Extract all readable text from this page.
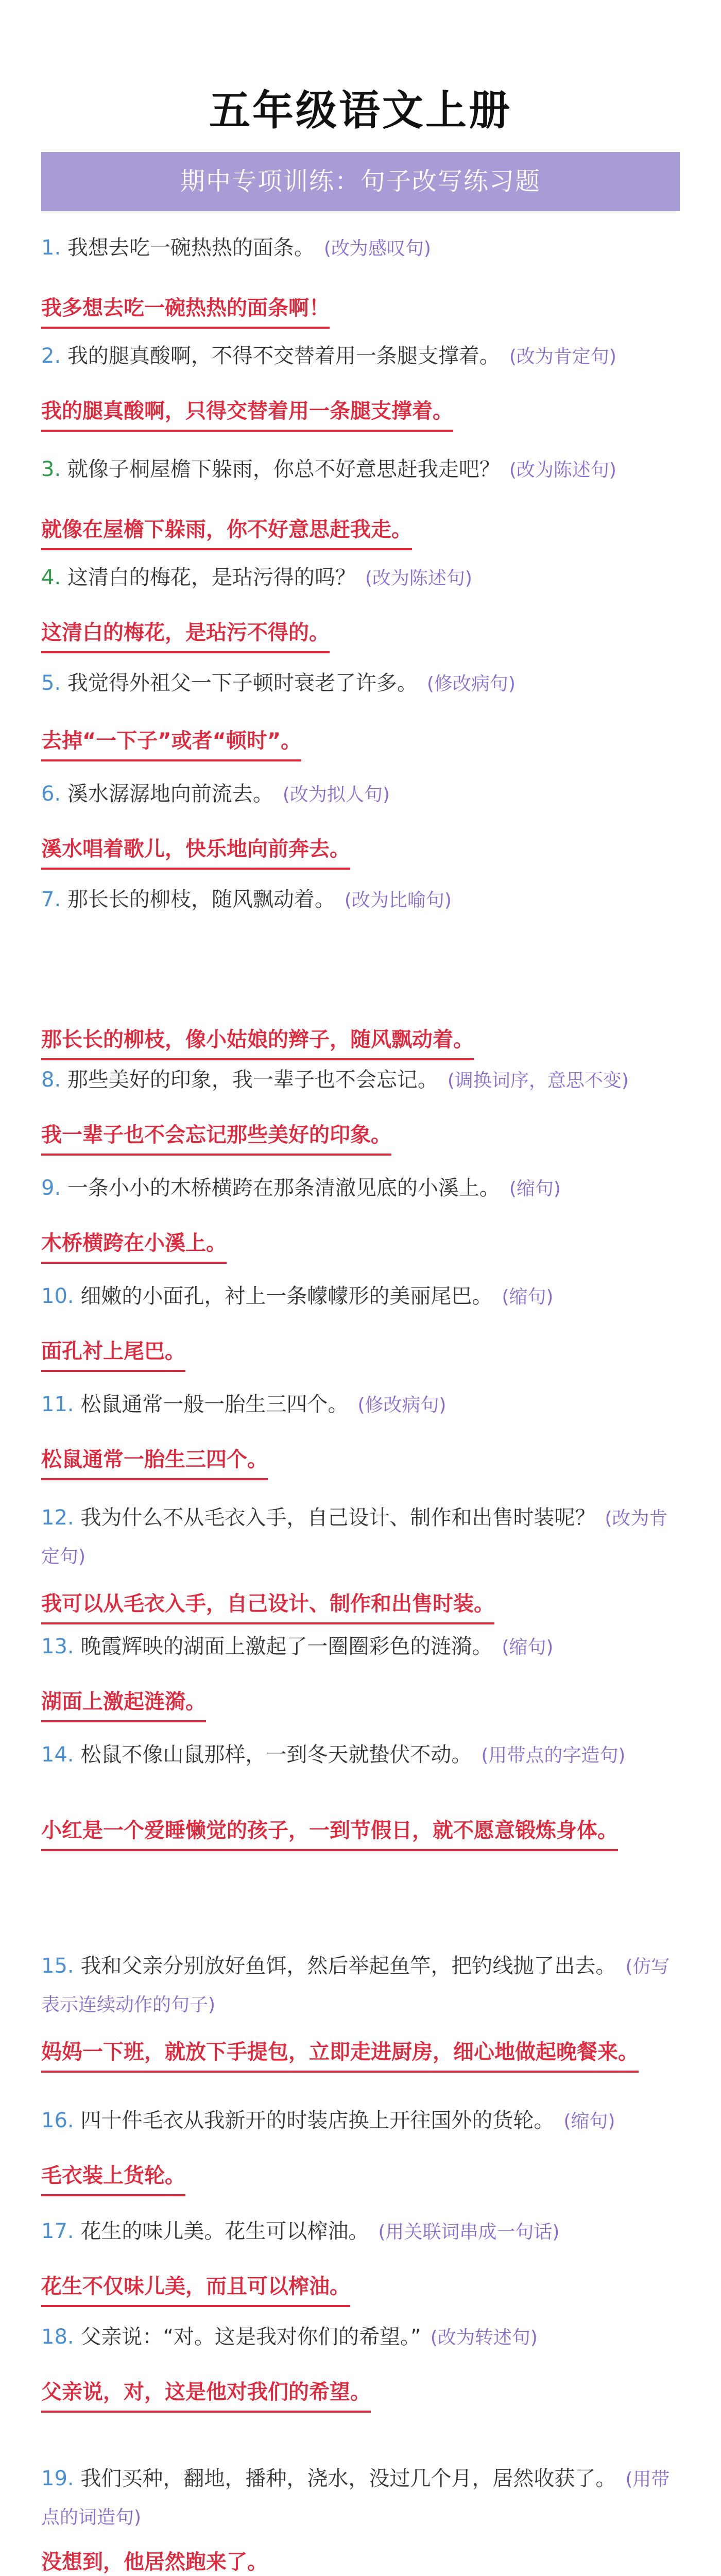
五年级语文上册
期中专项训练：句子改写练习题
1. 我想去吃一碗热热的面条。 (改为感叹句)
我多想去吃一碗热热的面条啊！
2. 我的腿真酸啊，不得不交替着用一条腿支撑着。 (改为肯定句)
我的腿真酸啊，只得交替着用一条腿支撑着。
3. 就像子桐屋檐下躲雨，你总不好意思赶我走吧？ (改为陈述句)
就像在屋檐下躲雨，你不好意思赶我走。
4. 这清白的梅花，是玷污得的吗？ (改为陈述句)
这清白的梅花，是玷污不得的。
5. 我觉得外祖父一下子顿时衰老了许多。 (修改病句)
去掉“一下子”或者“顿时”。
6. 溪水潺潺地向前流去。 (改为拟人句)
溪水唱着歌儿，快乐地向前奔去。
7. 那长长的柳枝，随风飘动着。 (改为比喻句)
那长长的柳枝，像小姑娘的辫子，随风飘动着。
8. 那些美好的印象，我一辈子也不会忘记。 (调换词序，意思不变)
我一辈子也不会忘记那些美好的印象。
9. 一条小小的木桥横跨在那条清澈见底的小溪上。 (缩句)
木桥横跨在小溪上。
10. 细嫩的小面孔，衬上一条幪幪形的美丽尾巴。 (缩句)
面孔衬上尾巴。
11. 松鼠通常一般一胎生三四个。 (修改病句)
松鼠通常一胎生三四个。
12. 我为什么不从毛衣入手，自己设计、制作和出售时装呢？ (改为肯定句)
我可以从毛衣入手，自己设计、制作和出售时装。
13. 晚霞辉映的湖面上激起了一圈圈彩色的涟漪。 (缩句)
湖面上激起涟漪。
14. 松鼠不像山鼠那样，一到冬天就蛰伏不动。 (用带点的字造句)
小红是一个爱睡懒觉的孩子，一到节假日，就不愿意锻炼身体。
15. 我和父亲分别放好鱼饵，然后举起鱼竿，把钓线抛了出去。 (仿写表示连续动作的句子)
妈妈一下班，就放下手提包，立即走进厨房，细心地做起晚餐来。
16. 四十件毛衣从我新开的时装店换上开往国外的货轮。 (缩句)
毛衣装上货轮。
17. 花生的味儿美。花生可以榨油。 (用关联词串成一句话)
花生不仅味儿美，而且可以榨油。
18. 父亲说：“对。这是我对你们的希望。” (改为转述句)
父亲说，对，这是他对我们的希望。
19. 我们买种，翻地，播种，浇水，没过几个月，居然收获了。 (用带点的词造句)
没想到，他居然跑来了。
